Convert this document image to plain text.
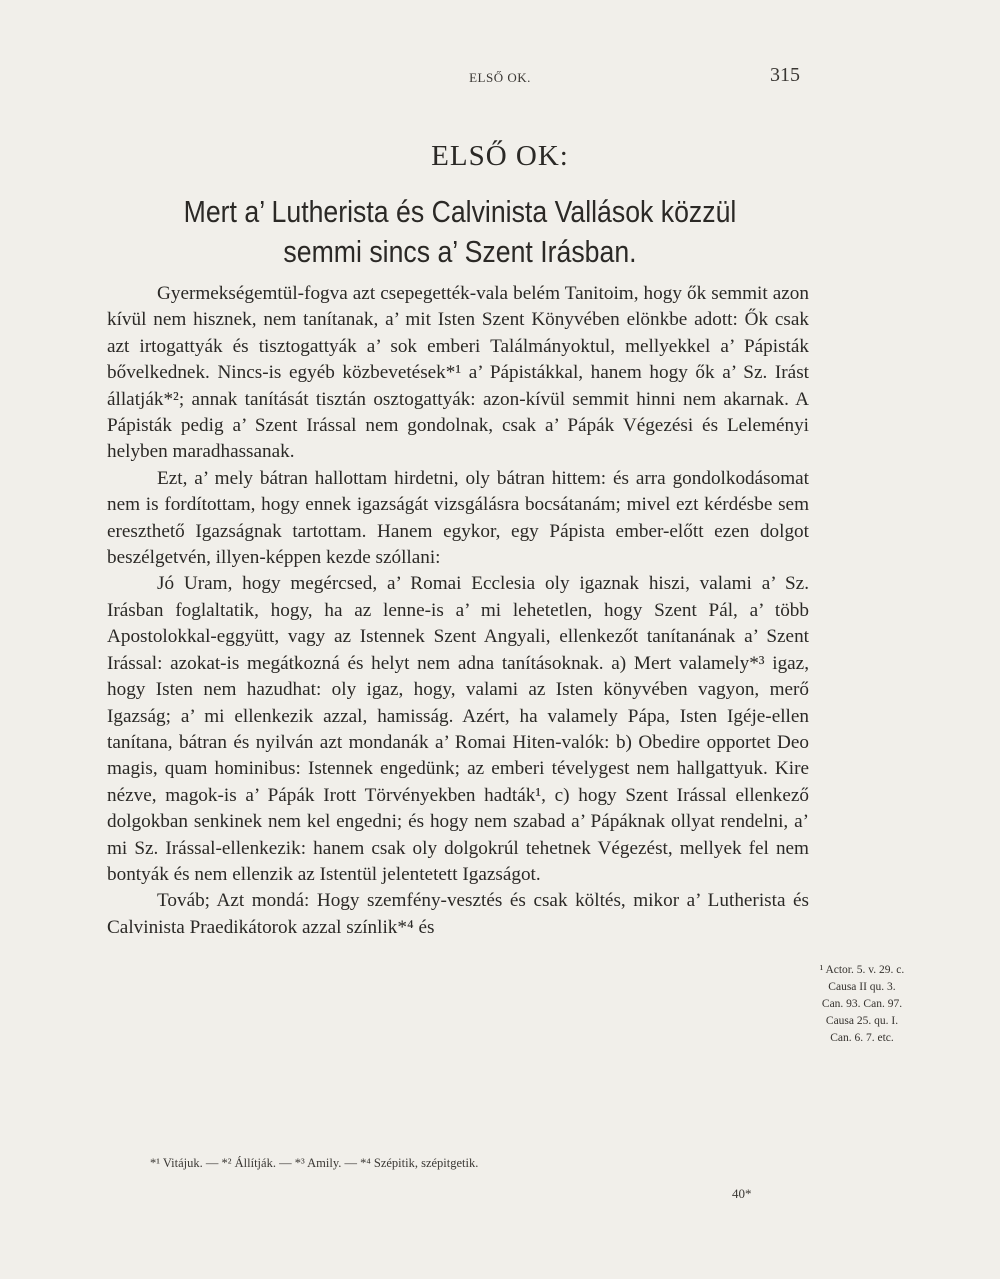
ELSŐ OK.	315
ELSŐ OK:
Mert a’ Lutherista és Calvinista Vallások közzül semmi sincs a’ Szent Irásban.

Gyermekségemtül-fogva azt csepegették-vala belém Tanitoim, hogy ők semmit azon kívül nem hisznek, nem tanítanak, a’ mit Isten Szent Könyvében elönkbe adott: Ők csak azt irtogattyák és tisztogattyák a’ sok emberi Találmányoktul, mellyekkel a’ Pápisták bővelkednek. Nincs-is egyéb közbevetések*¹ a’ Pápistákkal, hanem hogy ők a’ Sz. Irást állatják*²; annak tanítását tisztán osztogattyák: azon-kívül semmit hinni nem akarnak. A Pápisták pedig a’ Szent Irással nem gondolnak, csak a’ Pápák Végezési és Leleményi helyben maradhassanak.

Ezt, a’ mely bátran hallottam hirdetni, oly bátran hittem: és arra gondolkodásomat nem is fordítottam, hogy ennek igazságát vizsgálásra bocsátanám; mivel ezt kérdésbe sem ereszthető Igazságnak tartottam. Hanem egykor, egy Pápista ember-előtt ezen dolgot beszélgetvén, illyen-képpen kezde szóllani:

Jó Uram, hogy megércsed, a’ Romai Ecclesia oly igaznak hiszi, valami a’ Sz. Irásban foglaltatik, hogy, ha az lenne-is a’ mi lehetetlen, hogy Szent Pál, a’ több Apostolokkal-eggyütt, vagy az Istennek Szent Angyali, ellenkezőt tanítanának a’ Szent Irással: azokat-is megátkozná és helyt nem adna tanításoknak. a) Mert valamely*³ igaz, hogy Isten nem hazudhat: oly igaz, hogy, valami az Isten könyvében vagyon, merő Igazság; a’ mi ellenkezik azzal, hamisság. Azért, ha valamely Pápa, Isten Igéje-ellen tanítana, bátran és nyilván azt mondanák a’ Romai Hiten-valók: b) Obedire opportet Deo magis, quam hominibus: Istennek engedünk; az emberi tévelygest nem hallgattyuk. Kire nézve, magok-is a’ Pápák Irott Törvényekben hadták¹, c) hogy Szent Irással ellenkező dolgokban senkinek nem kel engedni; és hogy nem szabad a’ Pápáknak ollyat rendelni, a’ mi Sz. Irással-ellenkezik: hanem csak oly dolgokrúl tehetnek Végezést, mellyek fel nem bontyák és nem ellenzik az Istentül jelentetett Igazságot.

Továb; Azt mondá: Hogy szemfény-vesztés és csak költés, mikor a’ Lutherista és Calvinista Praedikátorok azzal színlik*⁴ és

¹ Actor. 5. v. 29. c. Causa II qu. 3. Can. 93. Can. 97. Causa 25. qu. I. Can. 6. 7. etc.
*¹ Vitájuk. — *² Állítják. — *³ Amily. — *⁴ Szépitik, szépitgetik.
40*
